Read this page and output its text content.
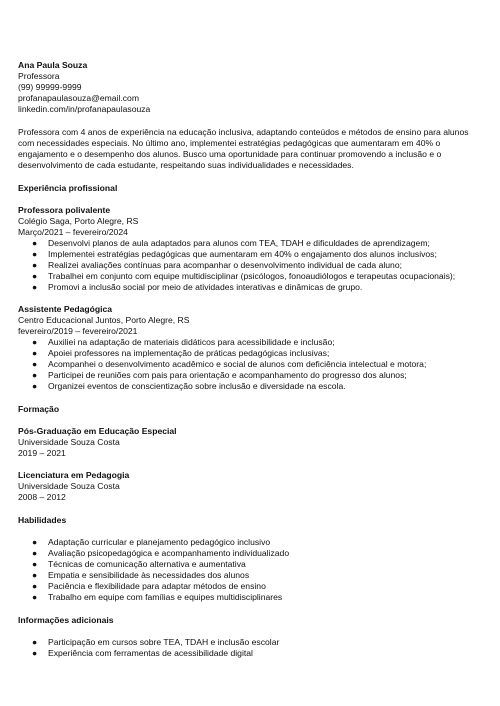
Ana Paula Souza
Professora
(99) 99999-9999
profanapaulasouza@email.com
linkedin.com/in/profanapaulasouza
Professora com 4 anos de experiência na educação inclusiva, adaptando conteúdos e métodos de ensino para alunos com necessidades especiais. No último ano, implementei estratégias pedagógicas que aumentaram em 40% o engajamento e o desempenho dos alunos. Busco uma oportunidade para continuar promovendo a inclusão e o desenvolvimento de cada estudante, respeitando suas individualidades e necessidades.
Experiência profissional
Professora polivalente
Colégio Saga, Porto Alegre, RS
Março/2021 – fevereiro/2024
● Desenvolvi planos de aula adaptados para alunos com TEA, TDAH e dificuldades de aprendizagem;
● Implementei estratégias pedagógicas que aumentaram em 40% o engajamento dos alunos inclusivos;
● Realizei avaliações contínuas para acompanhar o desenvolvimento individual de cada aluno;
● Trabalhei em conjunto com equipe multidisciplinar (psicólogos, fonoaudiólogos e terapeutas ocupacionais);
● Promovi a inclusão social por meio de atividades interativas e dinâmicas de grupo.
Assistente Pedagógica
Centro Educacional Juntos, Porto Alegre, RS
fevereiro/2019 – fevereiro/2021
● Auxiliei na adaptação de materiais didáticos para acessibilidade e inclusão;
● Apoiei professores na implementação de práticas pedagógicas inclusivas;
● Acompanhei o desenvolvimento acadêmico e social de alunos com deficiência intelectual e motora;
● Participei de reuniões com pais para orientação e acompanhamento do progresso dos alunos;
● Organizei eventos de conscientização sobre inclusão e diversidade na escola.
Formação
Pós-Graduação em Educação Especial
Universidade Souza Costa
2019 – 2021
Licenciatura em Pedagogia
Universidade Souza Costa
2008 – 2012
Habilidades
● Adaptação curricular e planejamento pedagógico inclusivo
● Avaliação psicopedagógica e acompanhamento individualizado
● Técnicas de comunicação alternativa e aumentativa
● Empatia e sensibilidade às necessidades dos alunos
● Paciência e flexibilidade para adaptar métodos de ensino
● Trabalho em equipe com famílias e equipes multidisciplinares
Informações adicionais
● Participação em cursos sobre TEA, TDAH e inclusão escolar
● Experiência com ferramentas de acessibilidade digital
